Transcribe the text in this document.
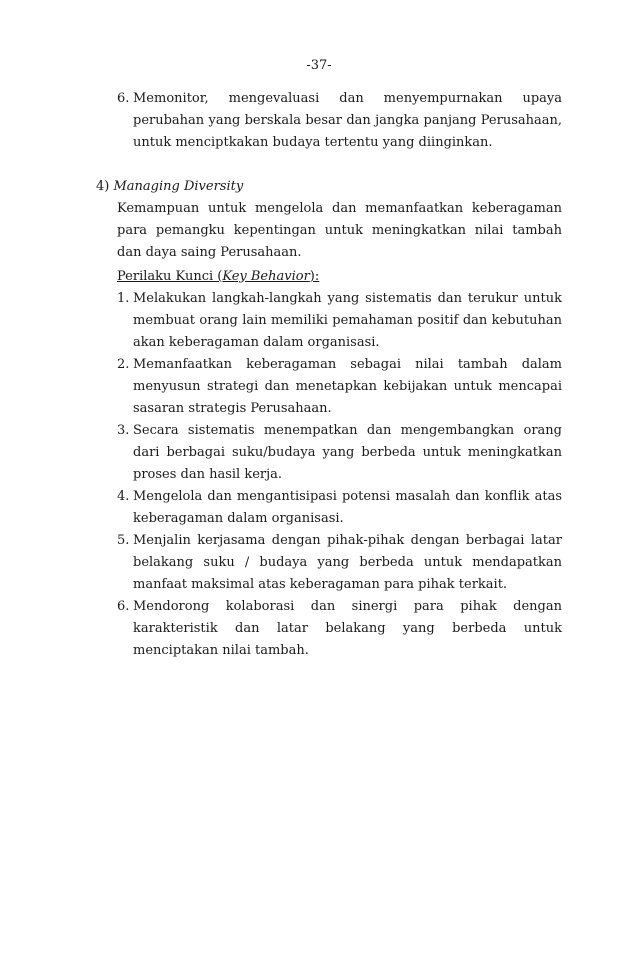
-37-
6. Memonitor, mengevaluasi dan menyempurnakan upaya perubahan yang berskala besar dan jangka panjang Perusahaan, untuk menciptkakan budaya tertentu yang diinginkan.
4) Managing Diversity
Kemampuan untuk mengelola dan memanfaatkan keberagaman para pemangku kepentingan untuk meningkatkan nilai tambah dan daya saing Perusahaan.
Perilaku Kunci (Key Behavior):
1. Melakukan langkah-langkah yang sistematis dan terukur untuk membuat orang lain memiliki pemahaman positif dan kebutuhan akan keberagaman dalam organisasi.
2. Memanfaatkan keberagaman sebagai nilai tambah dalam menyusun strategi dan menetapkan kebijakan untuk mencapai sasaran strategis Perusahaan.
3. Secara sistematis menempatkan dan mengembangkan orang dari berbagai suku/budaya yang berbeda untuk meningkatkan proses dan hasil kerja.
4. Mengelola dan mengantisipasi potensi masalah dan konflik atas keberagaman dalam organisasi.
5. Menjalin kerjasama dengan pihak-pihak dengan berbagai latar belakang suku / budaya yang berbeda untuk mendapatkan manfaat maksimal atas keberagaman para pihak terkait.
6. Mendorong kolaborasi dan sinergi para pihak dengan karakteristik dan latar belakang yang berbeda untuk menciptakan nilai tambah.
